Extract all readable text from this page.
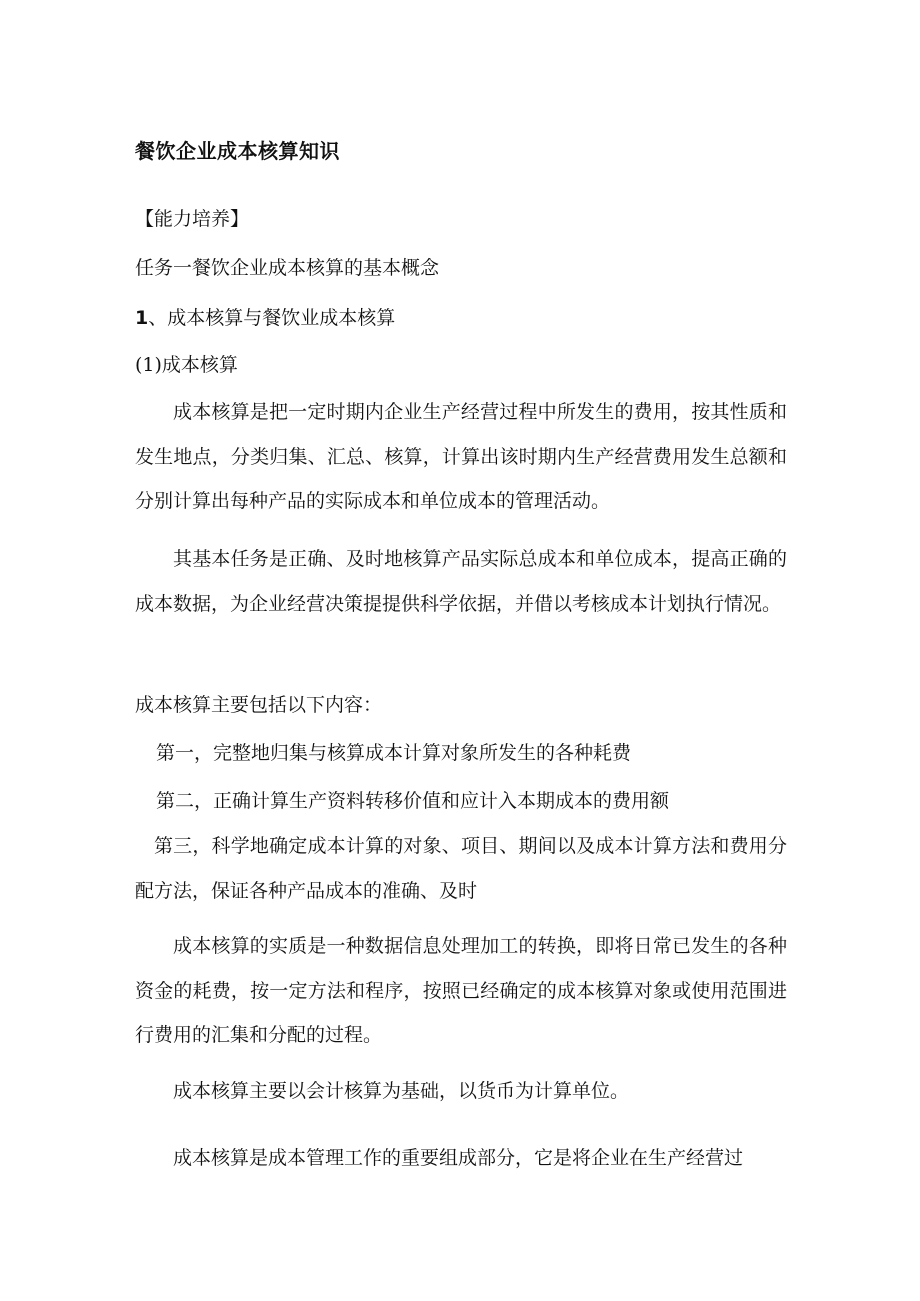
餐饮企业成本核算知识

【能力培养】

任务一餐饮企业成本核算的基本概念

1、成本核算与餐饮业成本核算

(1)成本核算

成本核算是把一定时期内企业生产经营过程中所发生的费用，按其性质和发生地点，分类归集、汇总、核算，计算出该时期内生产经营费用发生总额和分别计算出每种产品的实际成本和单位成本的管理活动。

其基本任务是正确、及时地核算产品实际总成本和单位成本，提高正确的成本数据，为企业经营决策提提供科学依据，并借以考核成本计划执行情况。

成本核算主要包括以下内容：

第一，完整地归集与核算成本计算对象所发生的各种耗费

第二，正确计算生产资料转移价值和应计入本期成本的费用额

第三，科学地确定成本计算的对象、项目、期间以及成本计算方法和费用分配方法，保证各种产品成本的准确、及时

成本核算的实质是一种数据信息处理加工的转换，即将日常已发生的各种资金的耗费，按一定方法和程序，按照已经确定的成本核算对象或使用范围进行费用的汇集和分配的过程。

成本核算主要以会计核算为基础，以货币为计算单位。

成本核算是成本管理工作的重要组成部分，它是将企业在生产经营过
